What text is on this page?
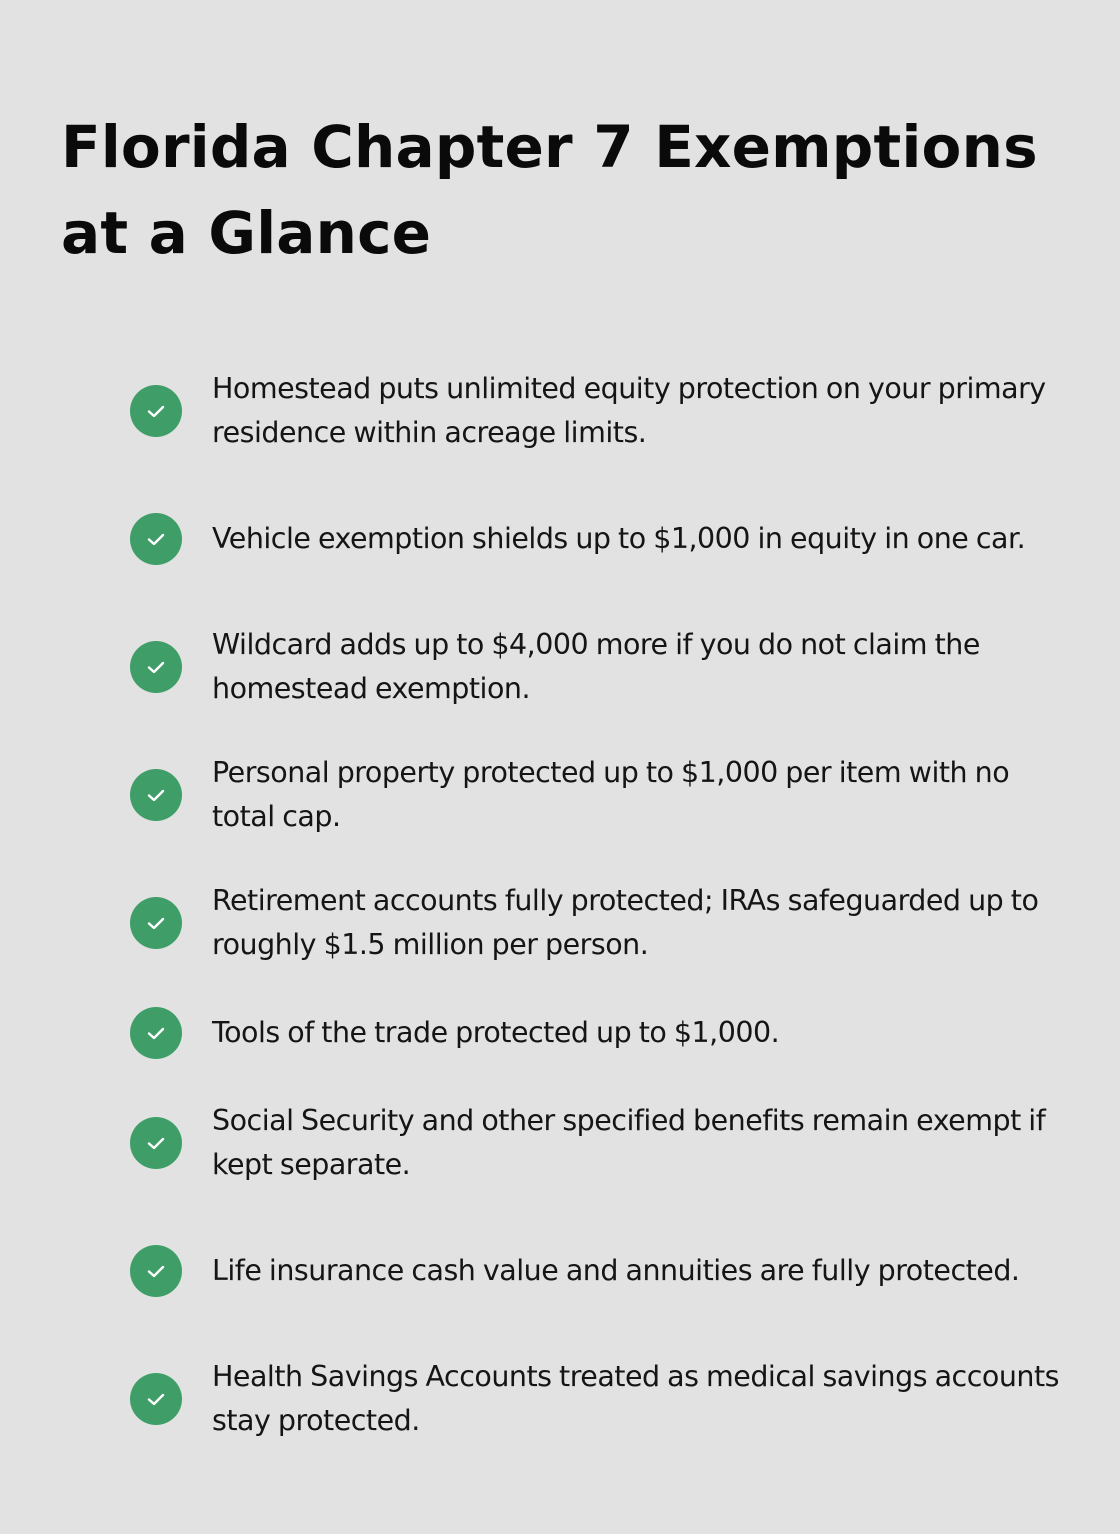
Florida Chapter 7 Exemptions at a Glance
Homestead puts unlimited equity protection on your primary residence within acreage limits.
Vehicle exemption shields up to $1,000 in equity in one car.
Wildcard adds up to $4,000 more if you do not claim the homestead exemption.
Personal property protected up to $1,000 per item with no total cap.
Retirement accounts fully protected; IRAs safeguarded up to roughly $1.5 million per person.
Tools of the trade protected up to $1,000.
Social Security and other specified benefits remain exempt if kept separate.
Life insurance cash value and annuities are fully protected.
Health Savings Accounts treated as medical savings accounts stay protected.
